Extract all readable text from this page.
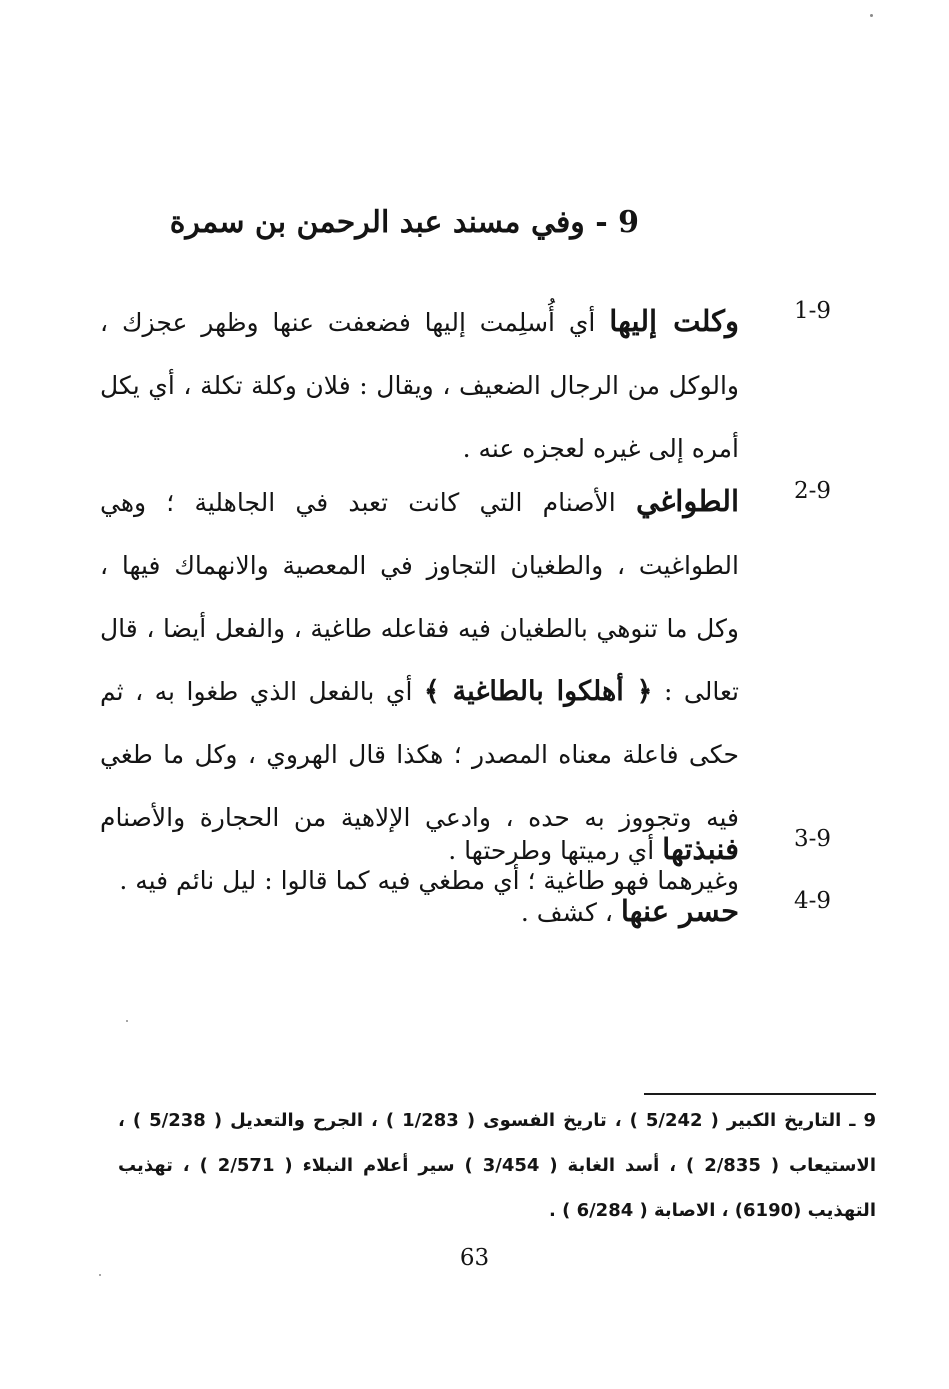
9 - وفي مسند عبد الرحمن بن سمرة
1-9
وكلت إليها أي أُسلِمت إليها فضعفت عنها وظهر عجزك ، والوكل من الرجال الضعيف ، ويقال : فلان وكلة تكلة ، أي يكل أمره إلى غيره لعجزه عنه .
2-9
الطواغي الأصنام التي كانت تعبد في الجاهلية ؛ وهي الطواغيت ، والطغيان التجاوز في المعصية والانهماك فيها ، وكل ما تنوهي بالطغيان فيه فقاعله طاغية ، والفعل أيضا ، قال تعالى : ﴿ أهلكوا بالطاغية ﴾ أي بالفعل الذي طغوا به ، ثم حكى فاعلة معناه المصدر ؛ هكذا قال الهروي ، وكل ما طغي فيه وتجووز به حده ، وادعي الإلاهية من الحجارة والأصنام وغيرهما فهو طاغية ؛ أي مطغي فيه كما قالوا : ليل نائم فيه .
3-9
فنبذتها أي رميتها وطرحتها .
4-9
حسر عنها ، كشف .
9 ـ التاريخ الكبير ( 5/242 ) ، تاريخ الفسوى ( 1/283 ) ، الجرح والتعديل ( 5/238 ) ، الاستيعاب ( 2/835 ) ، أسد الغابة ( 3/454 ) سير أعلام النبلاء ( 2/571 ) ، تهذيب التهذيب (6190) ، الاصابة ( 6/284 ) .
63
